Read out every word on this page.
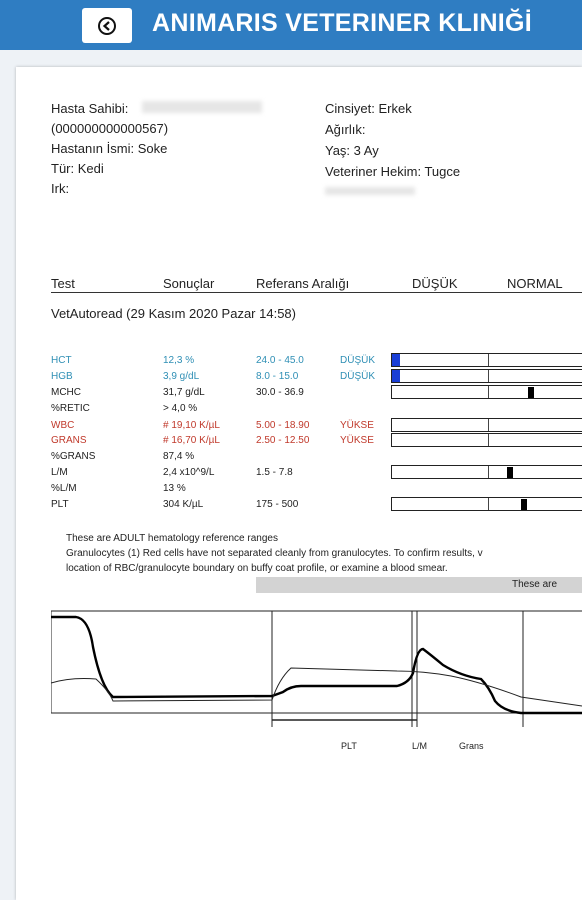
ANIMARIS VETERINER KLINIĞİ
Hasta Sahibi:
(000000000000567)
Hastanın İsmi: Soke
Tür: Kedi
Irk:
Cinsiyet: Erkek
Ağırlık:
Yaş: 3 Ay
Veteriner Hekim: Tugce
Test	Sonuçlar	Referans Aralığı	DÜŞÜK	NORMAL
VetAutoread (29 Kasım 2020 Pazar 14:58)
HCT	12,3 %	24.0 - 45.0	DÜŞÜK
HGB	3,9 g/dL	8.0 - 15.0	DÜŞÜK
MCHC	31,7 g/dL	30.0 - 36.9
%RETIC	> 4,0 %
WBC	# 19,10 K/µL	5.00 - 18.90	YÜKSE
GRANS	# 16,70 K/µL	2.50 - 12.50	YÜKSE
%GRANS	87,4 %
L/M	2,4 x10^9/L	1.5 - 7.8
%L/M	13 %
PLT	304 K/µL	175 - 500
These are ADULT hematology reference ranges
Granulocytes (1) Red cells have not separated cleanly from granulocytes. To confirm results, v
location of RBC/granulocyte boundary on buffy coat profile, or examine a blood smear.
These are
PLT	L/M	Grans
